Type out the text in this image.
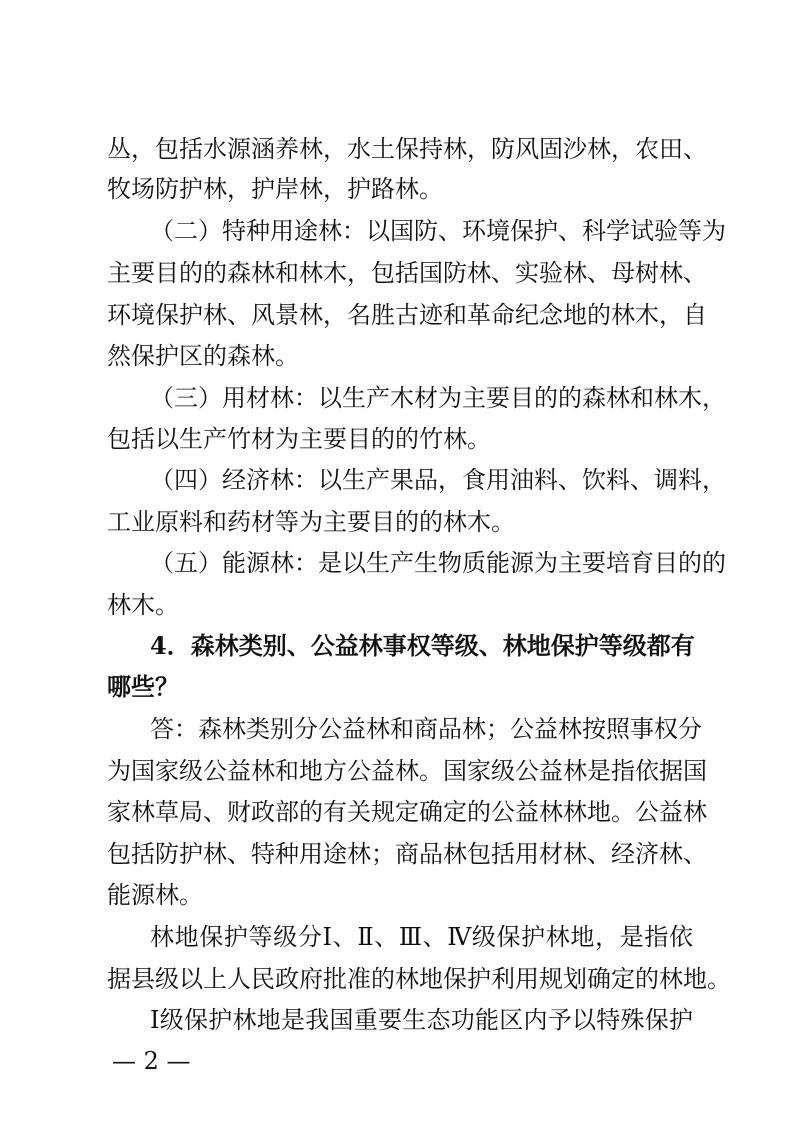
丛，包括水源涵养林，水土保持林，防风固沙林，农田、
牧场防护林，护岸林，护路林。
（二）特种用途林：以国防、环境保护、科学试验等为
主要目的的森林和林木，包括国防林、实验林、母树林、
环境保护林、风景林，名胜古迹和革命纪念地的林木，自
然保护区的森林。
（三）用材林：以生产木材为主要目的的森林和林木，
包括以生产竹材为主要目的的竹林。
（四）经济林：以生产果品，食用油料、饮料、调料，
工业原料和药材等为主要目的的林木。
（五）能源林：是以生产生物质能源为主要培育目的的
林木。
4．森林类别、公益林事权等级、林地保护等级都有
哪些？
答：森林类别分公益林和商品林；公益林按照事权分
为国家级公益林和地方公益林。国家级公益林是指依据国
家林草局、财政部的有关规定确定的公益林林地。公益林
包括防护林、特种用途林；商品林包括用材林、经济林、
能源林。
林地保护等级分Ⅰ、Ⅱ、Ⅲ、Ⅳ级保护林地，是指依
据县级以上人民政府批准的林地保护利用规划确定的林地。
Ⅰ级保护林地是我国重要生态功能区内予以特殊保护
— 2 —
